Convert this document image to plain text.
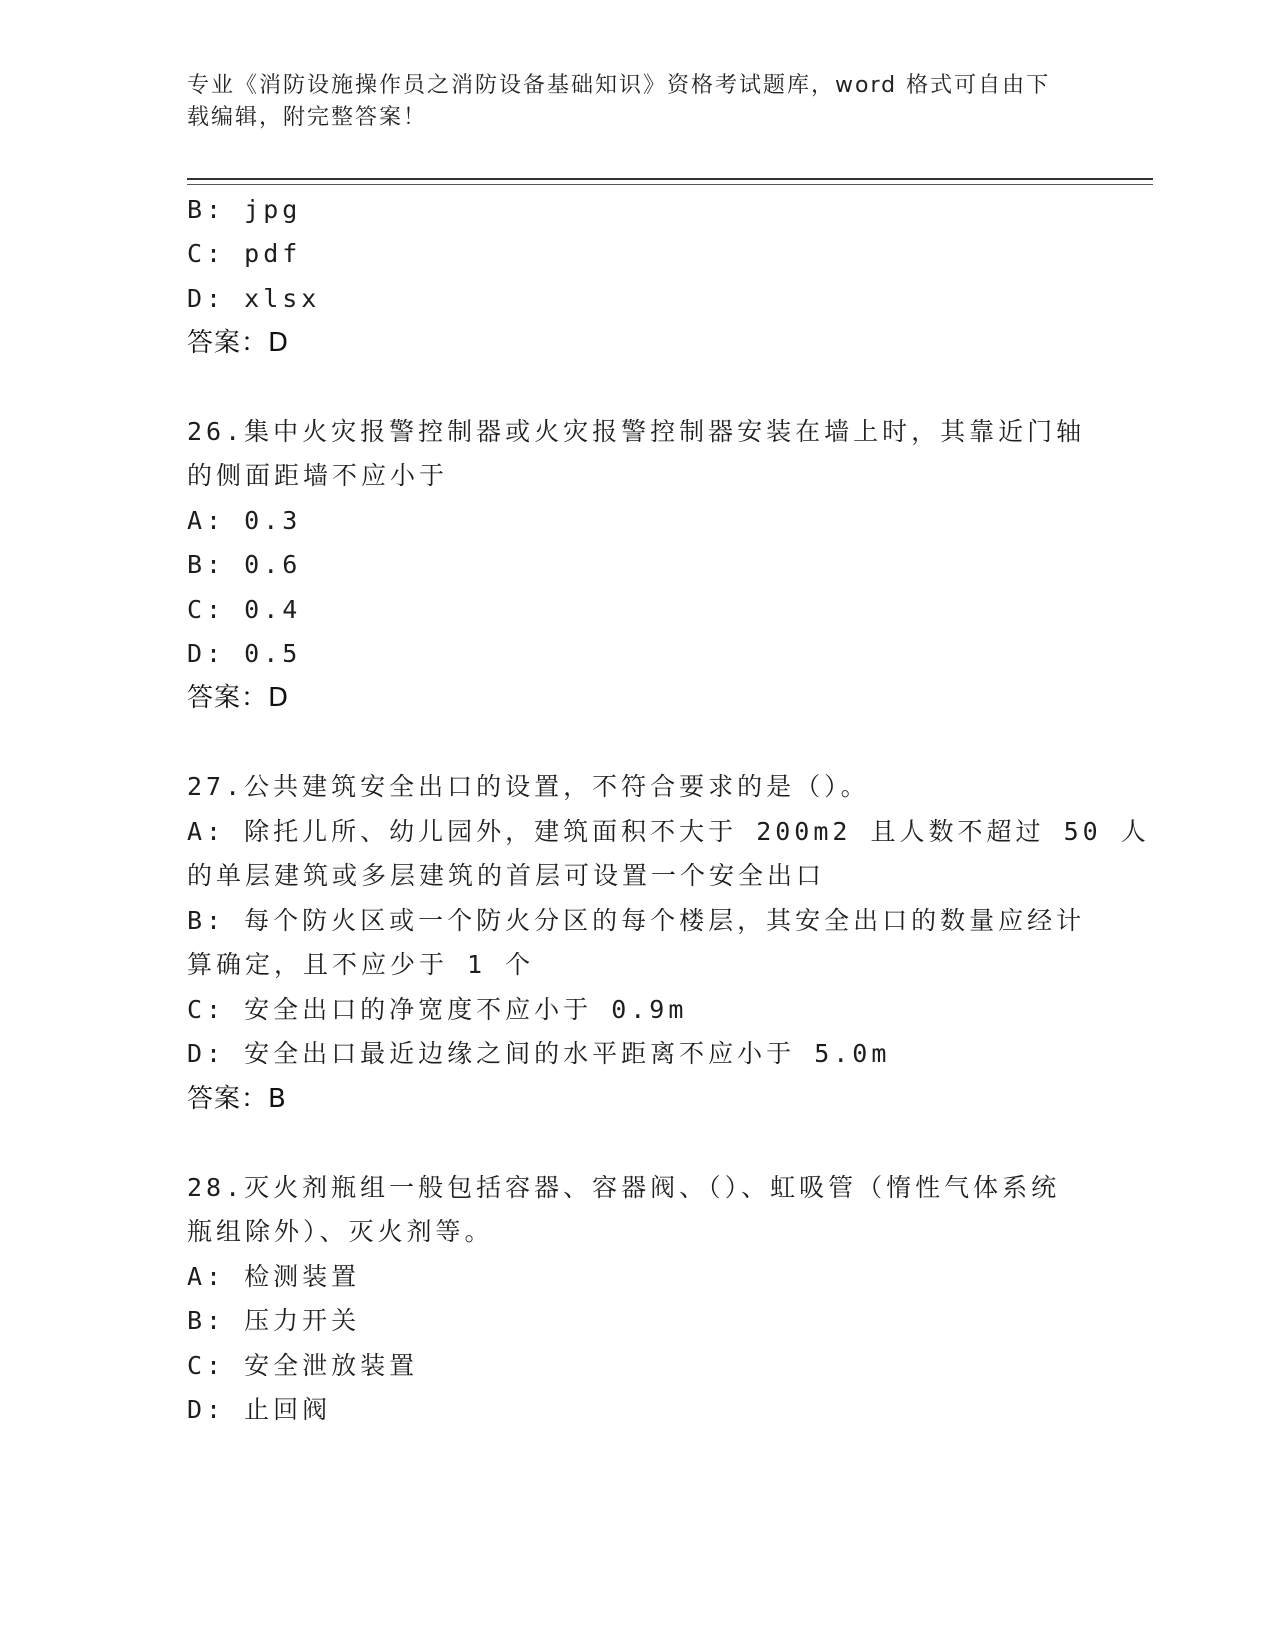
专业《消防设施操作员之消防设备基础知识》资格考试题库，word 格式可自由下
载编辑，附完整答案！
B: jpg
C: pdf
D: xlsx
答案：D
26.集中火灾报警控制器或火灾报警控制器安装在墙上时，其靠近门轴
的侧面距墙不应小于
A: 0.3
B: 0.6
C: 0.4
D: 0.5
答案：D
27.公共建筑安全出口的设置，不符合要求的是（）。
A: 除托儿所、幼儿园外，建筑面积不大于 200m2 且人数不超过 50 人
的单层建筑或多层建筑的首层可设置一个安全出口
B: 每个防火区或一个防火分区的每个楼层，其安全出口的数量应经计
算确定，且不应少于 1 个
C: 安全出口的净宽度不应小于 0.9m
D: 安全出口最近边缘之间的水平距离不应小于 5.0m
答案：B
28.灭火剂瓶组一般包括容器、容器阀、（）、虹吸管（惰性气体系统
瓶组除外）、灭火剂等。
A: 检测装置
B: 压力开关
C: 安全泄放装置
D: 止回阀
